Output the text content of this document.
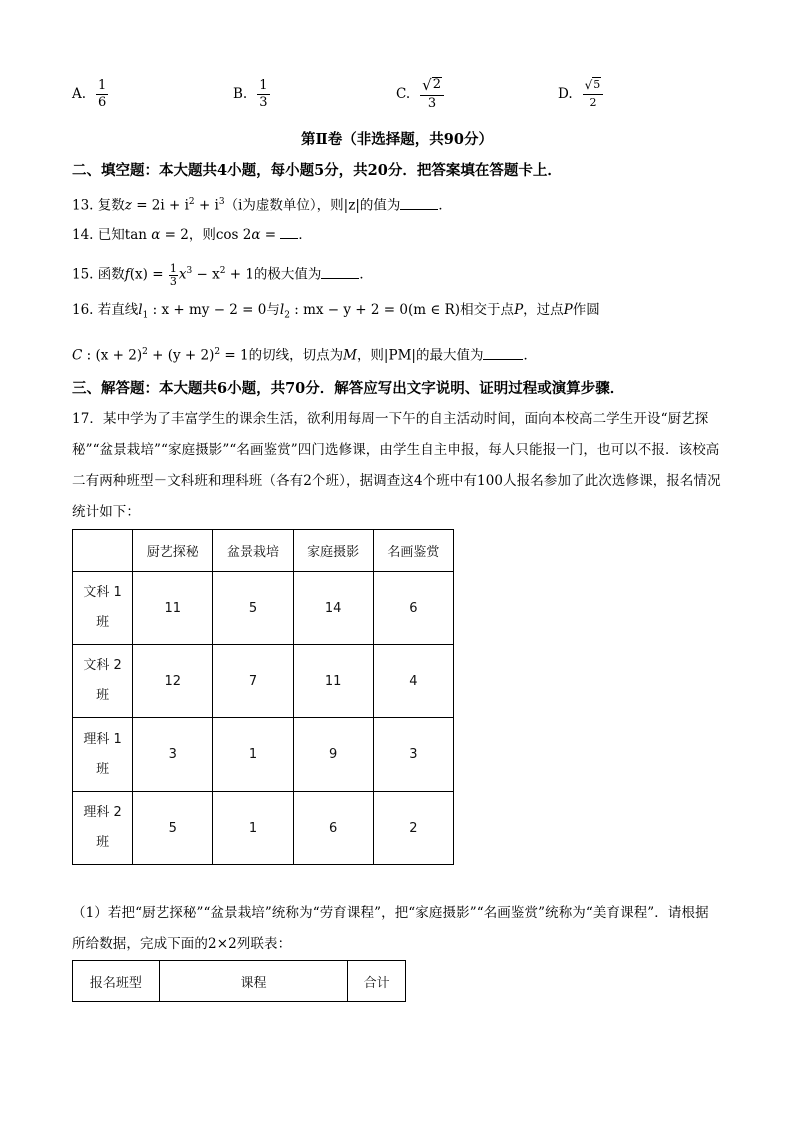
A. $\frac{1}{6}$	B. $\frac{1}{3}$	C. $\frac{√ 2}{3}$	D. $\frac{√ 5}{2}$
第Ⅱ卷（非选择题，共90分）
二、填空题：本大题共4小题，每小题5分，共20分．把答案填在答题卡上．
13. 复数$z = 2i + i^2 + i^3(i$为虚数单位），则|z|的值为	．
14. 已知tan α = 2，则cos 2α = ．
15. 函数$f(x) = \frac{1}{3} x^3 - x^2 + 1$的极大值为	．
16. 若直线$l_1$ : x + my − 2 = 0与$l_2$ : mx − y + 2 = 0(m ∈ R)相交于点P，过点P作圆
C : $(x + 2)^2 + (y + 2)^2 = 1$的切线，切点为M，则|PM|的最大值为	．
三、解答题：本大题共6小题，共70分．解答应写出文字说明、证明过程或演算步骤．
17．某中学为了丰富学生的课余生活，欲利用每周一下午的自主活动时间，面向本校高二学生开设“厨艺探秘”“盆景栽培”“家庭摄影”“名画鉴赏”四门选修课，由学生自主申报，每人只能报一门，也可以不报．该校高二有两种班型－文科班和理科班（各有2个班），据调查这4个班中有100人报名参加了此次选修课，报名情况统计如下：
	厨艺探秘	盆景栽培	家庭摄影	名画鉴赏

文科 1
班	11	5	14	6

文科 2
班	12	7	11	4

理科 1
班	3	1	9	3

理科 2
班	5	1	6	2
（1）若把“厨艺探秘”“盆景栽培”统称为“劳育课程”，把“家庭摄影”“名画鉴赏”统称为“美育课程”．请根据所给数据，完成下面的2×2列联表：
报名班型	课程	合计
